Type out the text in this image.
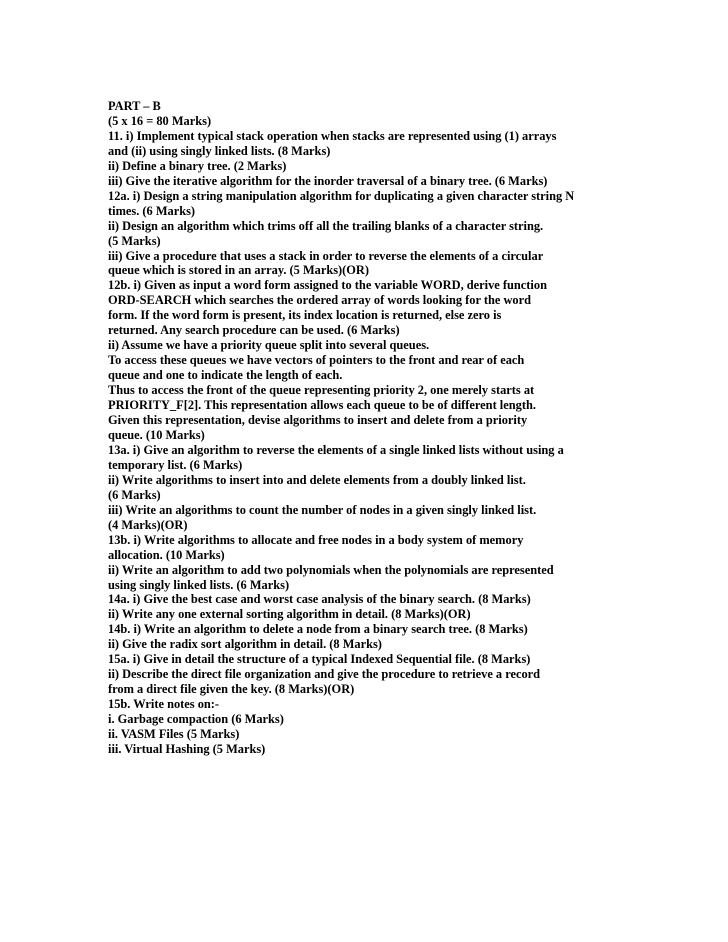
PART – B
(5 x 16 = 80 Marks)
11. i) Implement typical stack operation when stacks are represented using (1) arrays
and (ii) using singly linked lists. (8 Marks)
ii) Define a binary tree. (2 Marks)
iii) Give the iterative algorithm for the inorder traversal of a binary tree. (6 Marks)
12a. i) Design a string manipulation algorithm for duplicating a given character string N
times. (6 Marks)
ii) Design an algorithm which trims off all the trailing blanks of a character string.
(5 Marks)
iii) Give a procedure that uses a stack in order to reverse the elements of a circular
queue which is stored in an array. (5 Marks)(OR)
12b. i) Given as input a word form assigned to the variable WORD, derive function
ORD-SEARCH which searches the ordered array of words looking for the word
form. If the word form is present, its index location is returned, else zero is
returned. Any search procedure can be used. (6 Marks)
ii) Assume we have a priority queue split into several queues.
To access these queues we have vectors of pointers to the front and rear of each
queue and one to indicate the length of each.
Thus to access the front of the queue representing priority 2, one merely starts at
PRIORITY_F[2]. This representation allows each queue to be of different length.
Given this representation, devise algorithms to insert and delete from a priority
queue. (10 Marks)
13a. i) Give an algorithm to reverse the elements of a single linked lists without using a
temporary list. (6 Marks)
ii) Write algorithms to insert into and delete elements from a doubly linked list.
(6 Marks)
iii) Write an algorithms to count the number of nodes in a given singly linked list.
(4 Marks)(OR)
13b. i) Write algorithms to allocate and free nodes in a body system of memory
allocation. (10 Marks)
ii) Write an algorithm to add two polynomials when the polynomials are represented
using singly linked lists. (6 Marks)
14a. i) Give the best case and worst case analysis of the binary search. (8 Marks)
ii) Write any one external sorting algorithm in detail. (8 Marks)(OR)
14b. i) Write an algorithm to delete a node from a binary search tree. (8 Marks)
ii) Give the radix sort algorithm in detail. (8 Marks)
15a. i) Give in detail the structure of a typical Indexed Sequential file. (8 Marks)
ii) Describe the direct file organization and give the procedure to retrieve a record
from a direct file given the key. (8 Marks)(OR)
15b. Write notes on:-
i. Garbage compaction (6 Marks)
ii. VASM Files (5 Marks)
iii. Virtual Hashing (5 Marks)
